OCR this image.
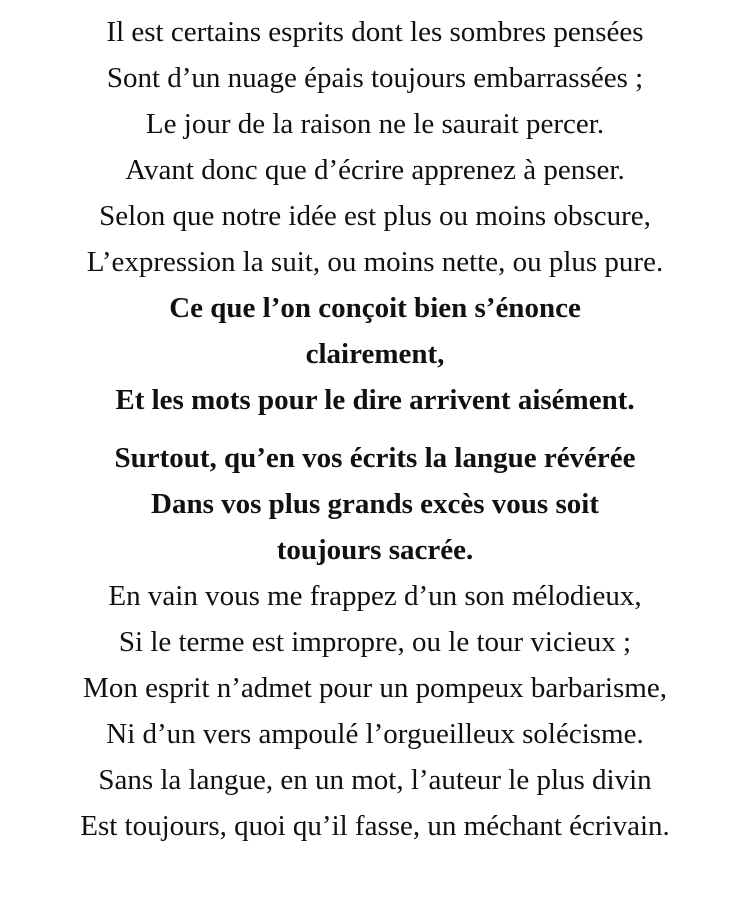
Il est certains esprits dont les sombres pensées
Sont d’un nuage épais toujours embarrassées ;
Le jour de la raison ne le saurait percer.
Avant donc que d’écrire apprenez à penser.
Selon que notre idée est plus ou moins obscure,
L’expression la suit, ou moins nette, ou plus pure.
Ce que l’on conçoit bien s’énonce
clairement,
Et les mots pour le dire arrivent aisément.
Surtout, qu’en vos écrits la langue révérée
Dans vos plus grands excès vous soit
toujours sacrée.
En vain vous me frappez d’un son mélodieux,
Si le terme est impropre, ou le tour vicieux ;
Mon esprit n’admet pour un pompeux barbarisme,
Ni d’un vers ampoulé l’orgueilleux solécisme.
Sans la langue, en un mot, l’auteur le plus divin
Est toujours, quoi qu’il fasse, un méchant écrivain.
